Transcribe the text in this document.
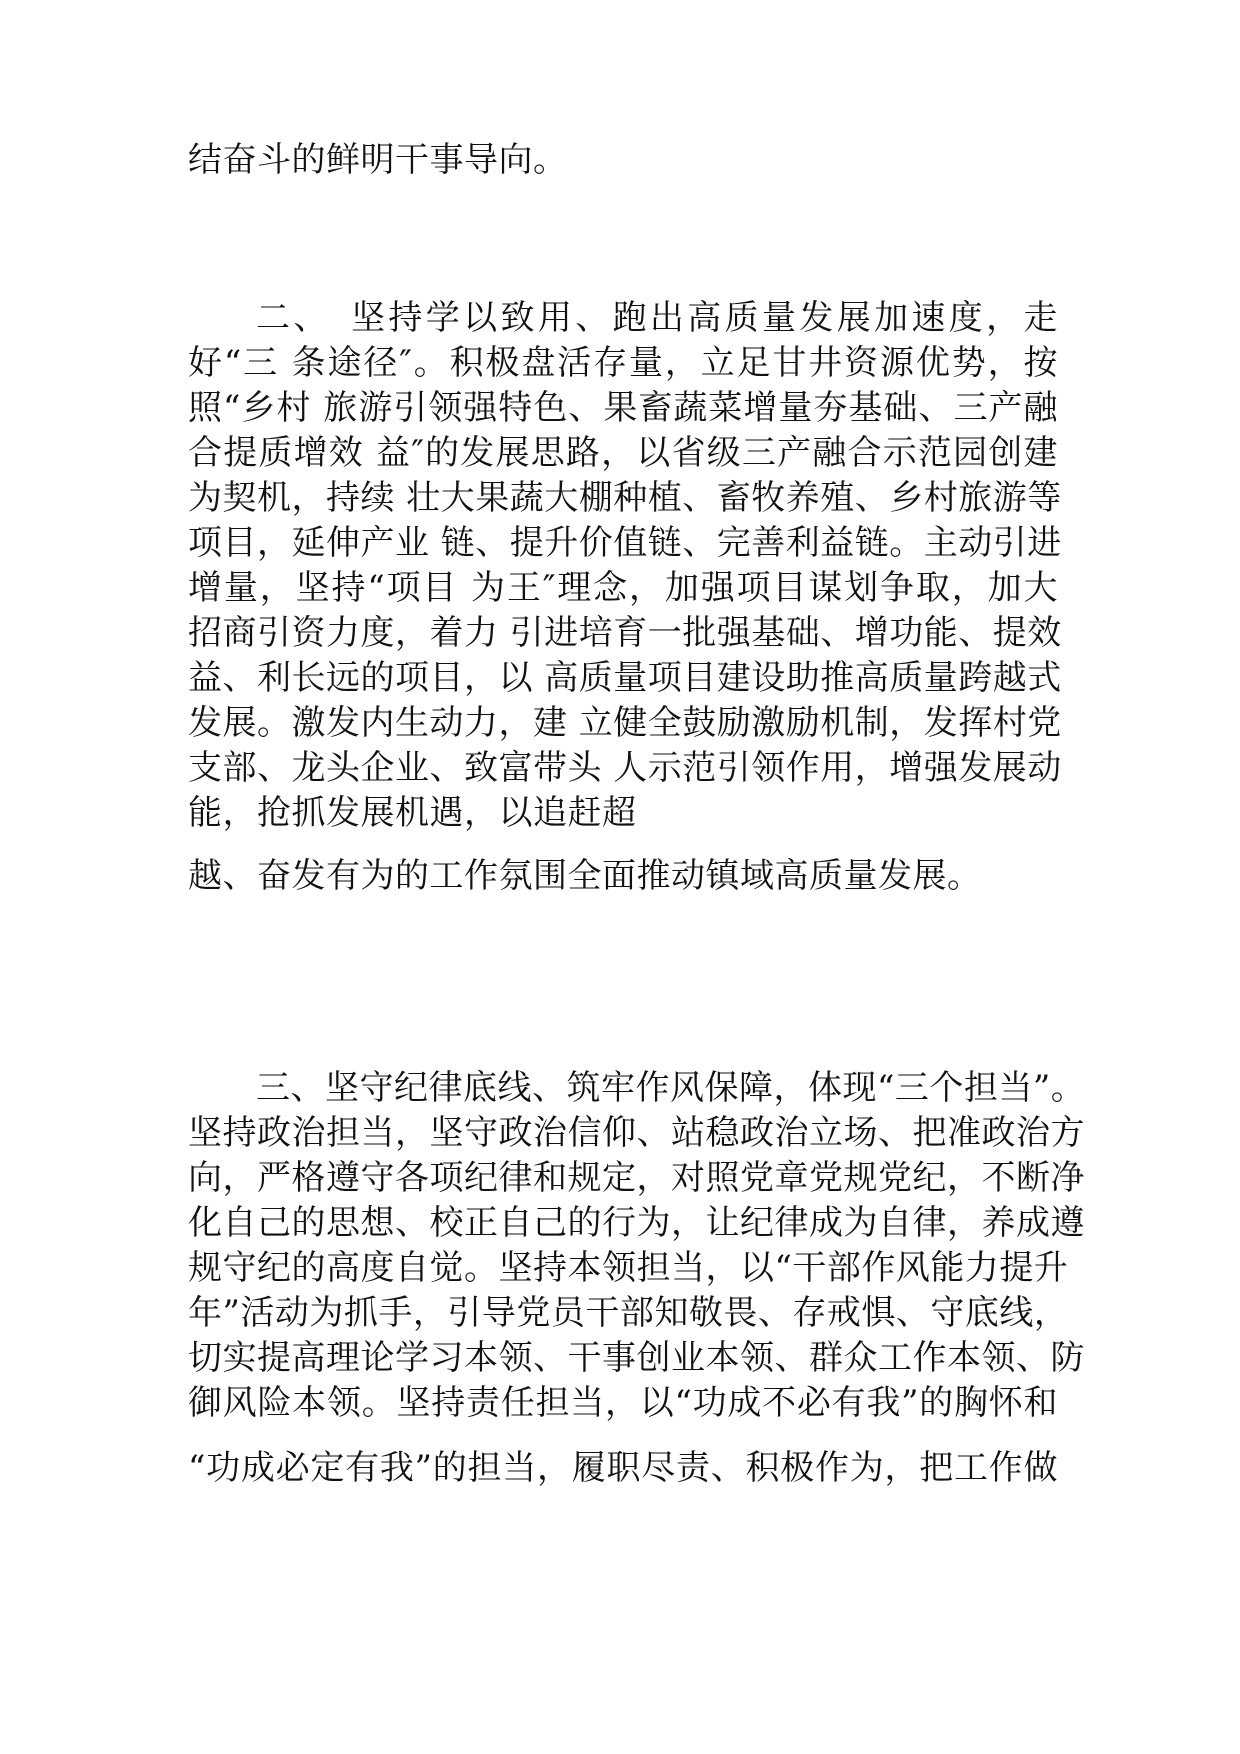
结奋斗的鲜明干事导向。
二、　坚持学以致用、跑出高质量发展加速度，走
好“三 条途径″。积极盘活存量，立足甘井资源优势，按
照“乡村 旅游引领强特色、果畜蔬菜增量夯基础、三产融
合提质增效 益″的发展思路，以省级三产融合示范园创建
为契机，持续 壮大果蔬大棚种植、畜牧养殖、乡村旅游等
项目，延伸产业 链、提升价值链、完善利益链。主动引进
增量，坚持“项目 为王″理念，加强项目谋划争取，加大
招商引资力度，着力 引进培育一批强基础、增功能、提效
益、利长远的项目，以 高质量项目建设助推高质量跨越式
发展。激发内生动力，建 立健全鼓励激励机制，发挥村党
支部、龙头企业、致富带头 人示范引领作用，增强发展动
能，抢抓发展机遇，以追赶超
越、奋发有为的工作氛围全面推动镇域高质量发展。
三、坚守纪律底线、筑牢作风保障，体现“三个担当”。
坚持政治担当，坚守政治信仰、站稳政治立场、把准政治方
向，严格遵守各项纪律和规定，对照党章党规党纪，不断净
化自己的思想、校正自己的行为，让纪律成为自律，养成遵
规守纪的高度自觉。坚持本领担当，以“干部作风能力提升
年”活动为抓手，引导党员干部知敬畏、存戒惧、守底线，
切实提高理论学习本领、干事创业本领、群众工作本领、防
御风险本领。坚持责任担当，以“功成不必有我”的胸怀和
“功成必定有我”的担当，履职尽责、积极作为，把工作做
